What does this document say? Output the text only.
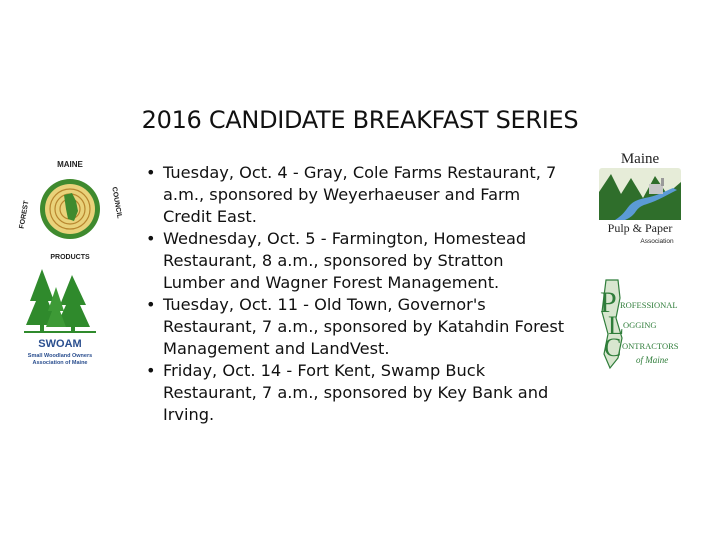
2016 CANDIDATE BREAKFAST SERIES
• Tuesday, Oct. 4 - Gray, Cole Farms Restaurant, 7 a.m., sponsored by Weyerhaeuser and Farm Credit East.
• Wednesday, Oct. 5 - Farmington, Homestead Restaurant, 8 a.m., sponsored by Stratton Lumber and Wagner Forest Management.
• Tuesday, Oct. 11 - Old Town, Governor's Restaurant, 7 a.m., sponsored by Katahdin Forest Management and LandVest.
• Friday, Oct. 14 - Fort Kent, Swamp Buck Restaurant, 7 a.m., sponsored by Key Bank and Irving.
MAINE
FOREST
PRODUCTS
COUNCIL
SWOAM
Small Woodland Owners
Association of Maine
Maine
Pulp & Paper
Association
P ROFESSIONAL
L OGGING
C ONTRACTORS
of Maine
